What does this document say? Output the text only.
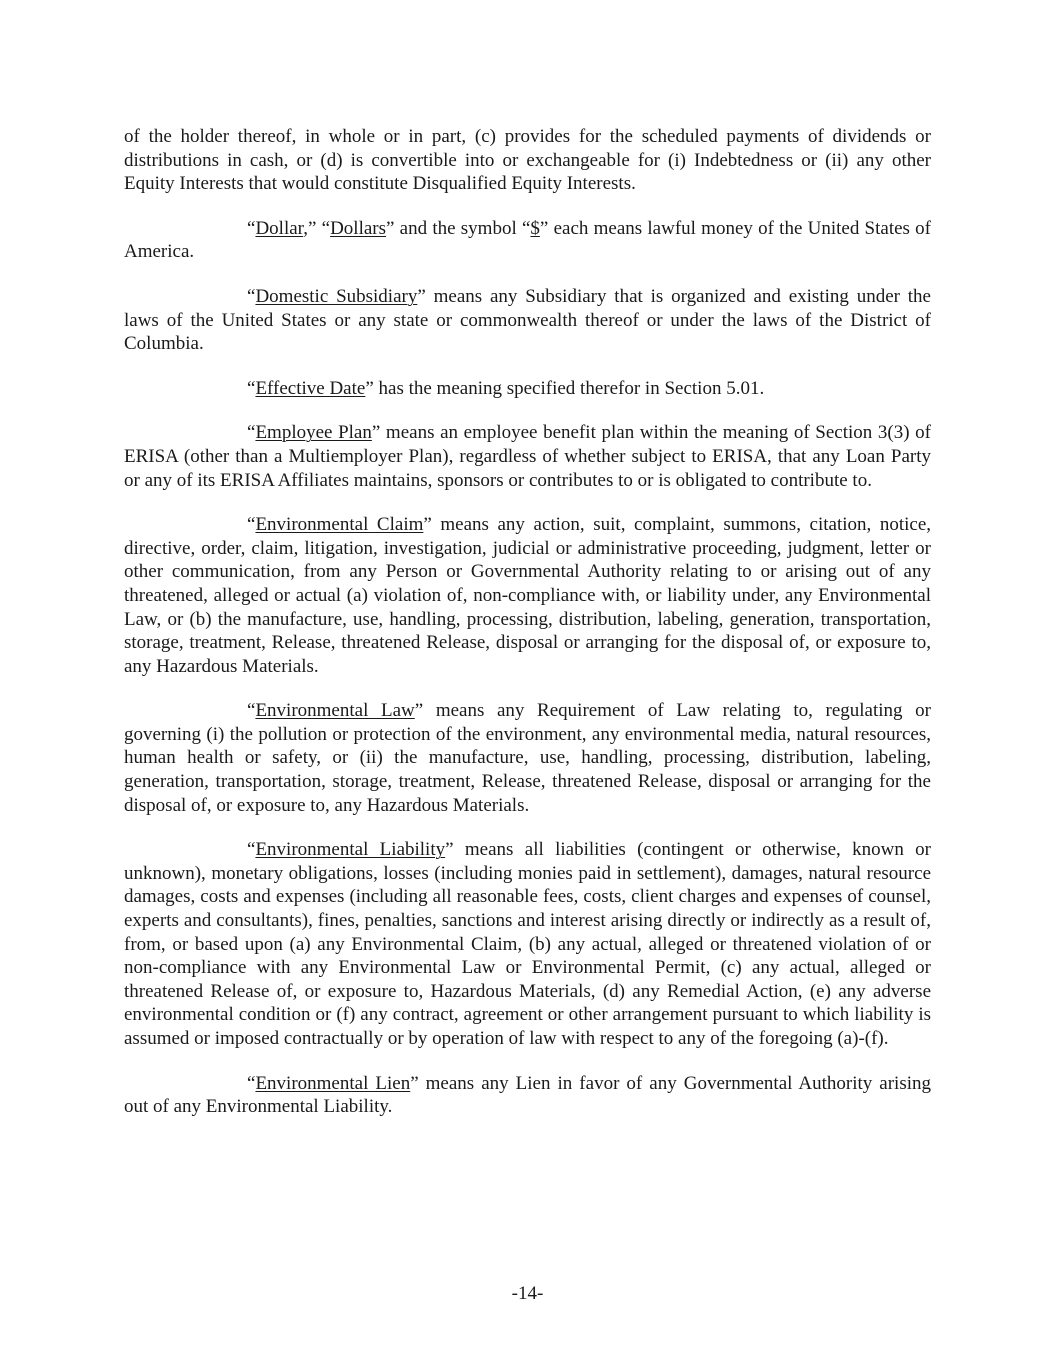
of the holder thereof, in whole or in part, (c) provides for the scheduled payments of dividends or distributions in cash, or (d) is convertible into or exchangeable for (i) Indebtedness or (ii) any other Equity Interests that would constitute Disqualified Equity Interests.

“Dollar,” “Dollars” and the symbol “$” each means lawful money of the United States of America.

“Domestic Subsidiary” means any Subsidiary that is organized and existing under the laws of the United States or any state or commonwealth thereof or under the laws of the District of Columbia.

“Effective Date” has the meaning specified therefor in Section 5.01.

“Employee Plan” means an employee benefit plan within the meaning of Section 3(3) of ERISA (other than a Multiemployer Plan), regardless of whether subject to ERISA, that any Loan Party or any of its ERISA Affiliates maintains, sponsors or contributes to or is obligated to contribute to.

“Environmental Claim” means any action, suit, complaint, summons, citation, notice, directive, order, claim, litigation, investigation, judicial or administrative proceeding, judgment, letter or other communication, from any Person or Governmental Authority relating to or arising out of any threatened, alleged or actual (a) violation of, non-compliance with, or liability under, any Environmental Law, or (b) the manufacture, use, handling, processing, distribution, labeling, generation, transportation, storage, treatment, Release, threatened Release, disposal or arranging for the disposal of, or exposure to, any Hazardous Materials.

“Environmental Law” means any Requirement of Law relating to, regulating or governing (i) the pollution or protection of the environment, any environmental media, natural resources, human health or safety, or (ii) the manufacture, use, handling, processing, distribution, labeling, generation, transportation, storage, treatment, Release, threatened Release, disposal or arranging for the disposal of, or exposure to, any Hazardous Materials.

“Environmental Liability” means all liabilities (contingent or otherwise, known or unknown), monetary obligations, losses (including monies paid in settlement), damages, natural resource damages, costs and expenses (including all reasonable fees, costs, client charges and expenses of counsel, experts and consultants), fines, penalties, sanctions and interest arising directly or indirectly as a result of, from, or based upon (a) any Environmental Claim, (b) any actual, alleged or threatened violation of or non-compliance with any Environmental Law or Environmental Permit, (c) any actual, alleged or threatened Release of, or exposure to, Hazardous Materials, (d) any Remedial Action, (e) any adverse environmental condition or (f) any contract, agreement or other arrangement pursuant to which liability is assumed or imposed contractually or by operation of law with respect to any of the foregoing (a)-(f).

“Environmental Lien” means any Lien in favor of any Governmental Authority arising out of any Environmental Liability.

-14-
